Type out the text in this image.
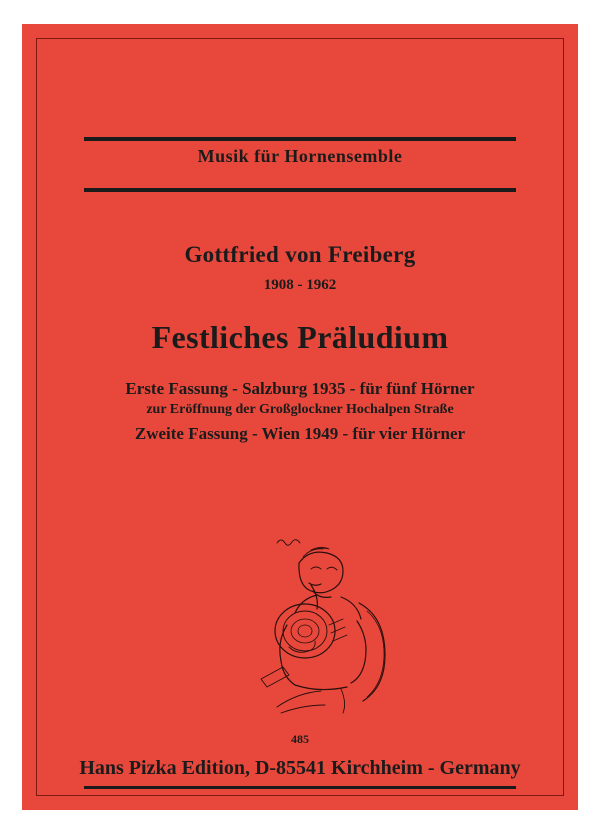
Musik für Hornensemble
Gottfried von Freiberg
1908 - 1962
Festliches Präludium
Erste Fassung - Salzburg 1935 - für fünf Hörner
zur Eröffnung der Großglockner Hochalpen Straße
Zweite Fassung - Wien 1949 - für vier Hörner
485
Hans Pizka Edition, D-85541 Kirchheim - Germany
